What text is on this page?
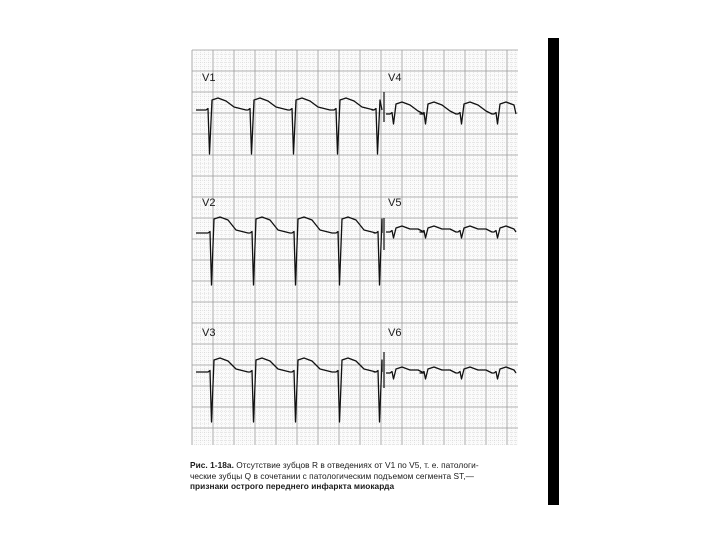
V1
V2
V3
V4
V5
V6
Рис. 1-18а. Отсутствие зубцов R в отведениях от V1 по V5, т. е. патологи-
ческие зубцы Q в сочетании с патологическим подъемом сегмента ST,—
признаки острого переднего инфаркта миокарда
